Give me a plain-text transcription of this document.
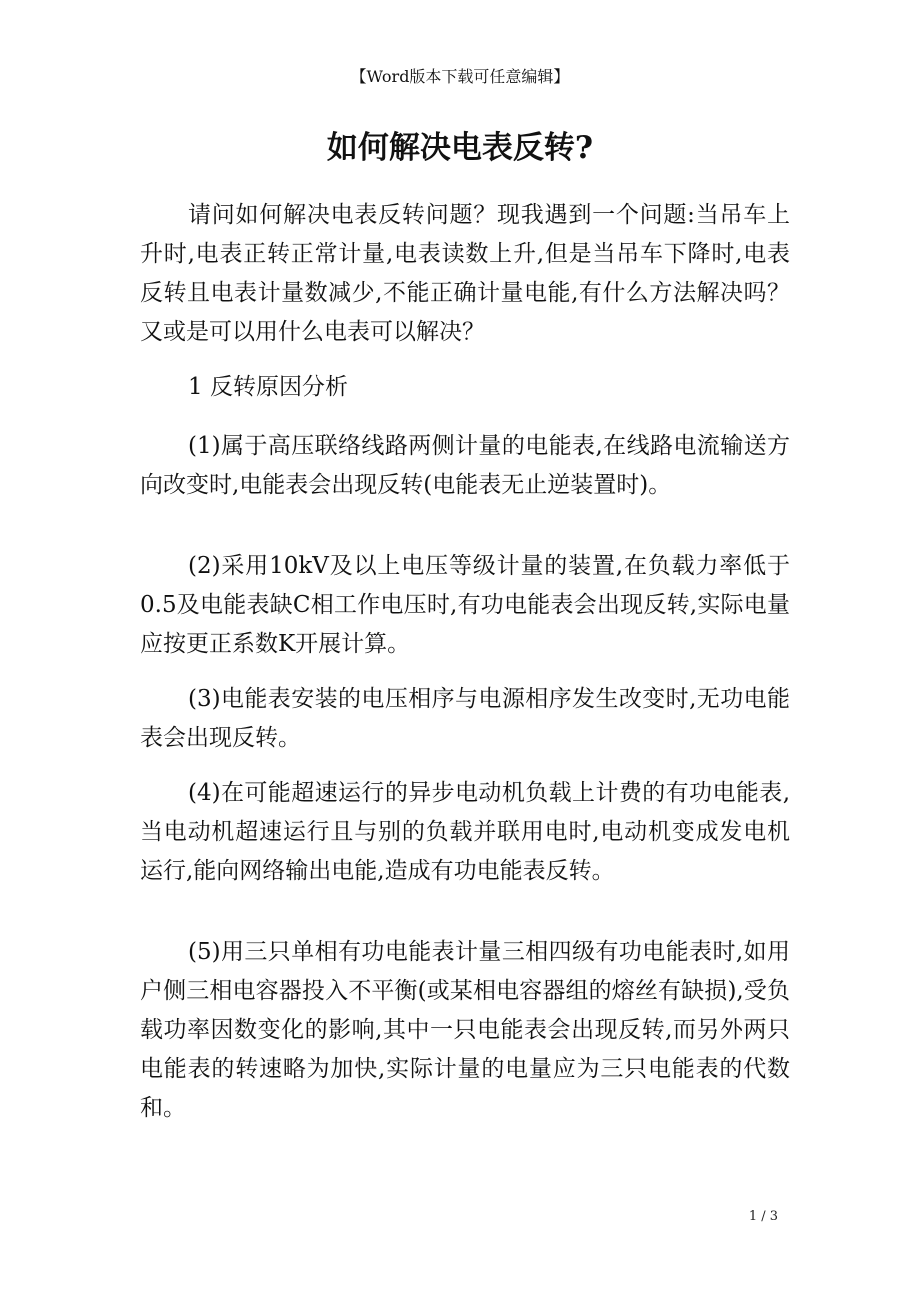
【Word版本下载可任意编辑】
如何解决电表反转?

请问如何解决电表反转问题？现我遇到一个问题:当吊车上升时,电表正转正常计量,电表读数上升,但是当吊车下降时,电表反转且电表计量数减少,不能正确计量电能,有什么方法解决吗？又或是可以用什么电表可以解决？

1 反转原因分析

(1)属于高压联络线路两侧计量的电能表,在线路电流输送方向改变时,电能表会出现反转(电能表无止逆装置时)。

(2)采用10kV及以上电压等级计量的装置,在负载力率低于0.5及电能表缺C相工作电压时,有功电能表会出现反转,实际电量应按更正系数K开展计算。

(3)电能表安装的电压相序与电源相序发生改变时,无功电能表会出现反转。

(4)在可能超速运行的异步电动机负载上计费的有功电能表,当电动机超速运行且与别的负载并联用电时,电动机变成发电机运行,能向网络输出电能,造成有功电能表反转。

(5)用三只单相有功电能表计量三相四级有功电能表时,如用户侧三相电容器投入不平衡(或某相电容器组的熔丝有缺损),受负载功率因数变化的影响,其中一只电能表会出现反转,而另外两只电能表的转速略为加快,实际计量的电量应为三只电能表的代数和。

1 / 3
